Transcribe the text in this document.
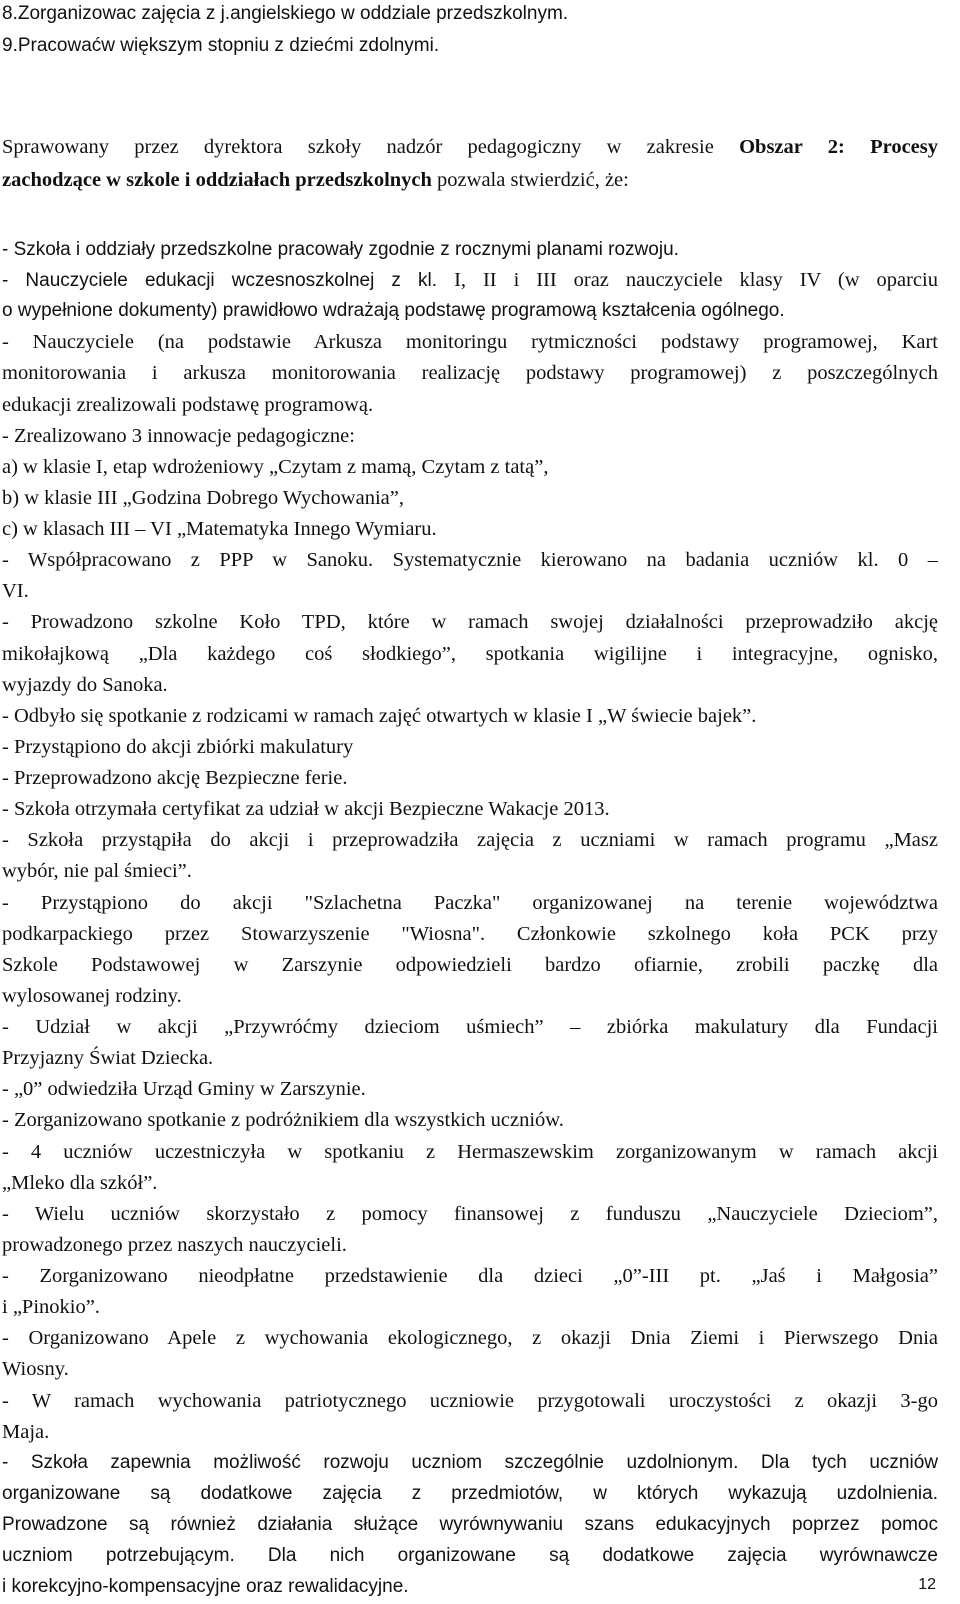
12
8.Zorganizowac zajęcia z j.angielskiego w oddziale przedszkolnym.
9.Pracowaćw większym stopniu z dziećmi zdolnymi.
Sprawowany przez dyrektora szkoły nadzór pedagogiczny w zakresie Obszar 2: Procesy
zachodzące w szkole i oddziałach przedszkolnych pozwala stwierdzić, że:
- Szkoła i oddziały przedszkolne pracowały zgodnie z rocznymi planami rozwoju.
- Nauczyciele edukacji wczesnoszkolnej z kl. I, II i III oraz nauczyciele klasy IV (w oparciu
o wypełnione dokumenty) prawidłowo wdrażają podstawę programową kształcenia ogólnego.
- Nauczyciele (na podstawie Arkusza monitoringu rytmiczności podstawy programowej, Kart
monitorowania i arkusza monitorowania realizację podstawy programowej) z poszczególnych
edukacji zrealizowali podstawę programową.
- Zrealizowano 3 innowacje pedagogiczne:
a) w klasie I, etap wdrożeniowy „Czytam z mamą, Czytam z tatą”,
b) w klasie III „Godzina Dobrego Wychowania”,
c) w klasach III – VI „Matematyka Innego Wymiaru.
- Współpracowano z PPP w Sanoku. Systematycznie kierowano na badania uczniów kl. 0 –
VI.
- Prowadzono szkolne Koło TPD, które w ramach swojej działalności przeprowadziło akcję
mikołajkową „Dla każdego coś słodkiego”, spotkania wigilijne i integracyjne, ognisko,
wyjazdy do Sanoka.
- Odbyło się spotkanie z rodzicami w ramach zajęć otwartych w klasie I „W świecie bajek”.
- Przystąpiono do akcji zbiórki makulatury
- Przeprowadzono akcję Bezpieczne ferie.
- Szkoła otrzymała certyfikat za udział w akcji Bezpieczne Wakacje 2013.
- Szkoła przystąpiła do akcji i przeprowadziła zajęcia z uczniami w ramach programu „Masz
wybór, nie pal śmieci”.
- Przystąpiono do akcji "Szlachetna Paczka" organizowanej na terenie województwa
podkarpackiego przez Stowarzyszenie "Wiosna". Członkowie szkolnego koła PCK przy
Szkole Podstawowej w Zarszynie odpowiedzieli bardzo ofiarnie, zrobili paczkę dla
wylosowanej rodziny.
- Udział w akcji „Przywróćmy dzieciom uśmiech” – zbiórka makulatury dla Fundacji
Przyjazny Świat Dziecka.
- „0” odwiedziła Urząd Gminy w Zarszynie.
- Zorganizowano spotkanie z podróżnikiem dla wszystkich uczniów.
- 4 uczniów uczestniczyła w spotkaniu z Hermaszewskim zorganizowanym w ramach akcji
„Mleko dla szkół”.
- Wielu uczniów skorzystało z pomocy finansowej z funduszu „Nauczyciele Dzieciom”,
prowadzonego przez naszych nauczycieli.
- Zorganizowano nieodpłatne przedstawienie dla dzieci „0”-III pt. „Jaś i Małgosia”
i „Pinokio”.
- Organizowano Apele z wychowania ekologicznego, z okazji Dnia Ziemi i Pierwszego Dnia
Wiosny.
- W ramach wychowania patriotycznego uczniowie przygotowali uroczystości z okazji 3-go
Maja.
- Szkoła zapewnia możliwość rozwoju uczniom szczególnie uzdolnionym. Dla tych uczniów
organizowane są dodatkowe zajęcia z przedmiotów, w których wykazują uzdolnienia.
Prowadzone są również działania służące wyrównywaniu szans edukacyjnych poprzez pomoc
uczniom potrzebującym. Dla nich organizowane są dodatkowe zajęcia wyrównawcze
i korekcyjno-kompensacyjne oraz rewalidacyjne.
